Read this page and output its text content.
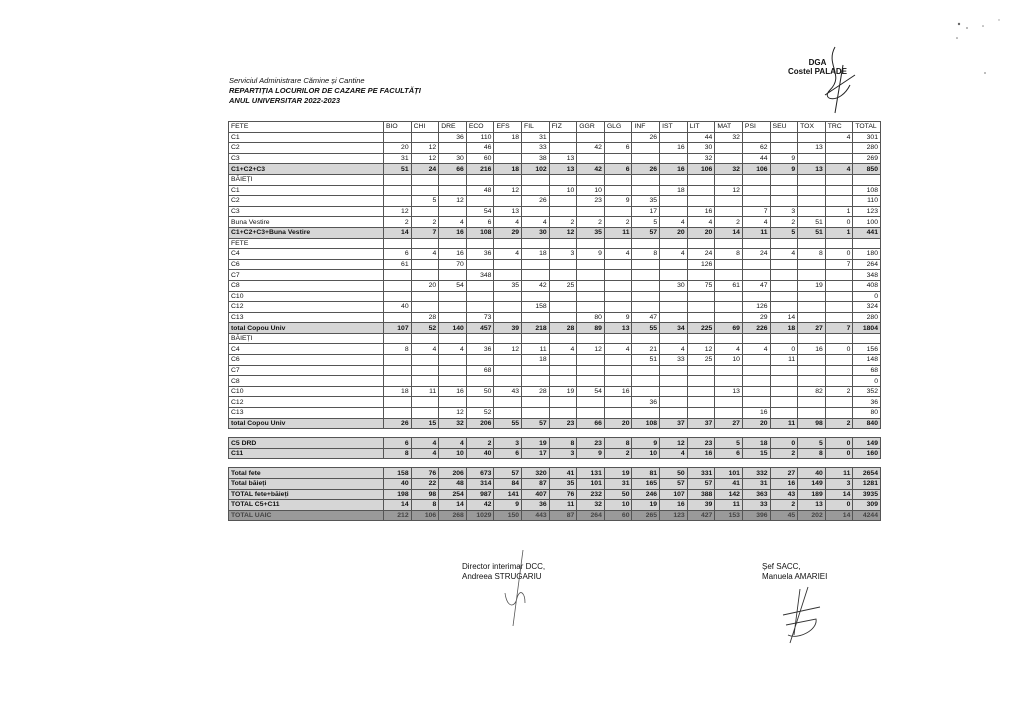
Serviciul Administrare Cămine și Cantine
REPARTIȚIA LOCURILOR DE CAZARE PE FACULTĂȚI
ANUL UNIVERSITAR 2022-2023
DGA
Costel PALADE
FETE	BIO	CHI	DRE	ECO	EFS	FIL	FIZ	GGR	GLG	INF	IST	LIT	MAT	PSI	SEU	TOX	TRC	TOTAL
C1			36	110	18	31				26		44	32				4	301
C2	20	12		46		33		42	6		16	30		62		13		280
C3	31	12	30	60		38	13					32		44	9			269
C1+C2+C3	51	24	66	216	18	102	13	42	6	26	16	106	32	106	9	13	4	850
BĂIEȚI																		
C1				48	12		10	10			18		12					108
C2		5	12			26		23	9	35								110
C3	12			54	13					17		16		7	3		1	123
Buna Vestire	2	2	4	6	4	4	2	2	2	5	4	4	2	4	2	51	0	100
C1+C2+C3+Buna Vestire	14	7	16	108	29	30	12	35	11	57	20	20	14	11	5	51	1	441
FETE																		
C4	6	4	16	36	4	18	3	9	4	8	4	24	8	24	4	8	0	180
C6	61		70									126					7	264
C7				348														348
C8		20	54		35	42	25				30	75	61	47		19		408
C10																		0
C12	40					158								126				324
C13		28		73				80	9	47				29	14			280
total Copou Univ	107	52	140	457	39	218	28	89	13	55	34	225	69	226	18	27	7	1804
BĂIEȚI																		
C4	8	4	4	36	12	11	4	12	4	21	4	12	4	4	0	16	0	156
C6						18				51	33	25	10		11			148
C7				68														68
C8																		0
C10	18	11	16	50	43	28	19	54	16				13			82	2	352
C12										36								36
C13			12	52										16				80
total Copou Univ	26	15	32	206	55	57	23	66	20	108	37	37	27	20	11	98	2	840

C5 DRD	6	4	4	2	3	19	8	23	8	9	12	23	5	18	0	5	0	149
C11	8	4	10	40	6	17	3	9	2	10	4	16	6	15	2	8	0	160

Total fete	158	76	206	673	57	320	41	131	19	81	50	331	101	332	27	40	11	2654
Total băieți	40	22	48	314	84	87	35	101	31	165	57	57	41	31	16	149	3	1281
TOTAL fete+băieți	198	98	254	987	141	407	76	232	50	246	107	388	142	363	43	189	14	3935
TOTAL C5+C11	14	8	14	42	9	36	11	32	10	19	16	39	11	33	2	13	0	309
TOTAL UAIC	212	106	268	1029	150	443	87	264	60	265	123	427	153	396	45	202	14	4244
Director interimar DCC,
Andreea STRUGARIU
Șef SACC,
Manuela AMARIEI
